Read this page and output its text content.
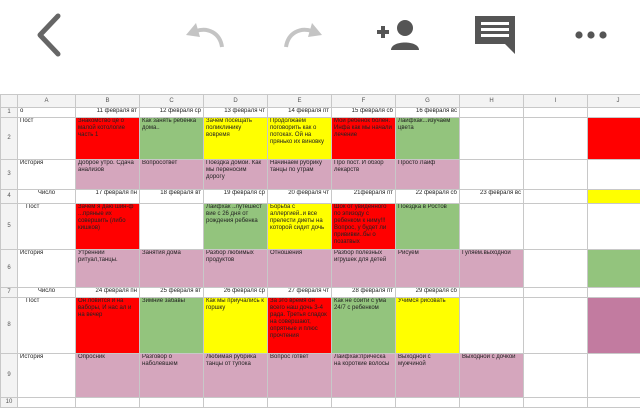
	A	B	C	D	E	F	G	H	I	J
1	о	11 февраля вт	12 февраля ср	13 февраля чт	14 февраля пт	15 февраля сб	16 февраля вс			
2	Пост	Знакомство це о малой котологие часть 1	Как занять ребёнка дома..	Зачем посещать поликлинику вовремя	Продолжаем поговорить как о потоках. Ой на прянько их виновку	Мой ребенок болен. Инфа как мы начали лечение	Лайфхак...изучаем цвета			
3	История	Доброе утро. Сдача анализов	Вопросответ	Поездка домой. Как мы переносим дорогу	Начинаем рубрику танцы по утрам	Про пост. И обзор лекарств	Просто Лайф			
4	Число	17 февраля пн	18 февраля вт	19 февраля ср	20 февраля чт	21февраля пт	22 февраля сб	23 февраля вс		
5	Пост	Зачем я даю шин-ф ...пряные их совершить (либо кишков)		Лайфхак ..лутешест вие с 26 дня от рождения ребенка	Борьба с аллергией..и все прелести диеты на которой сидит дочь	Шок от увиденного по эпизоду с ребенком к ниму!!! Вопрос, у будет ли прививки..бы о позатвых	Поездка в Ростов			
6	История	Утренний ритуал,танцы.	Занятия дома	Разбор любимых продуктов	Отношения	Разбор полезных игрушек для детей	Рисуем	Гуляем.выходной		
7	Число	24 февраля пн	25 февраля вт	26 февраля ср	27 февраля чт	28 февраля пт	29 февраля сб			
8	Пост	Он ловится и на ваборы, И нас ал и на вечер	Зимние забавы	Как мы приучались к горшку	За это время он всего наш дочь 3-4 рада. Третья сладок на совершают, опрятные и плюс прочтения	Как не сойти с ума 24/7 с ребенком	Учимся рисовать			
9	История	Опросник	Разговор о наболевшем	Любимая рубрика танцы от тупока	Вопрос /ответ	Лайфхак:прическа на короткие волосы	Выходной с мужчиной	Выходной с дочкой		
10										
